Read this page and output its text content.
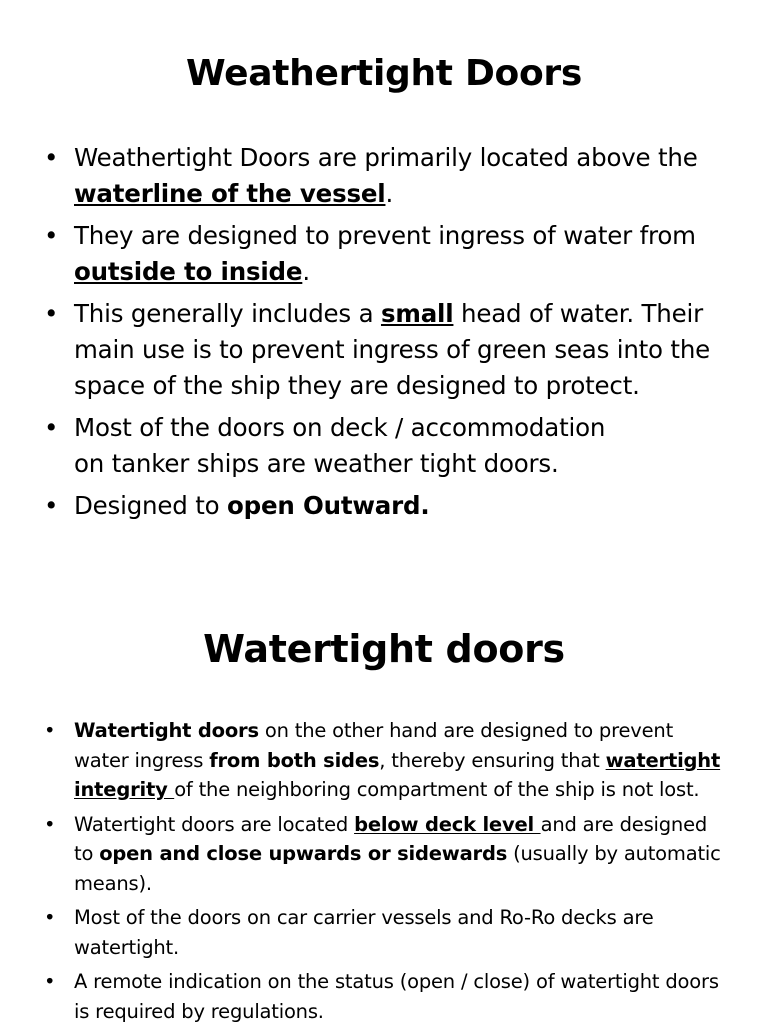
Weathertight Doors
• Weathertight Doors are primarily located above the waterline of the vessel.
• They are designed to prevent ingress of water from outside to inside.
• This generally includes a small head of water. Their main use is to prevent ingress of green seas into the space of the ship they are designed to protect.
• Most of the doors on deck / accommodation
on tanker ships are weather tight doors.
• Designed to open Outward.
Watertight doors
• Watertight doors on the other hand are designed to prevent water ingress from both sides, thereby ensuring that watertight integrity of the neighboring compartment of the ship is not lost.
• Watertight doors are located below deck level and are designed to open and close upwards or sidewards (usually by automatic means).
• Most of the doors on car carrier vessels and Ro-Ro decks are watertight.
• A remote indication on the status (open / close) of watertight doors is required by regulations.
